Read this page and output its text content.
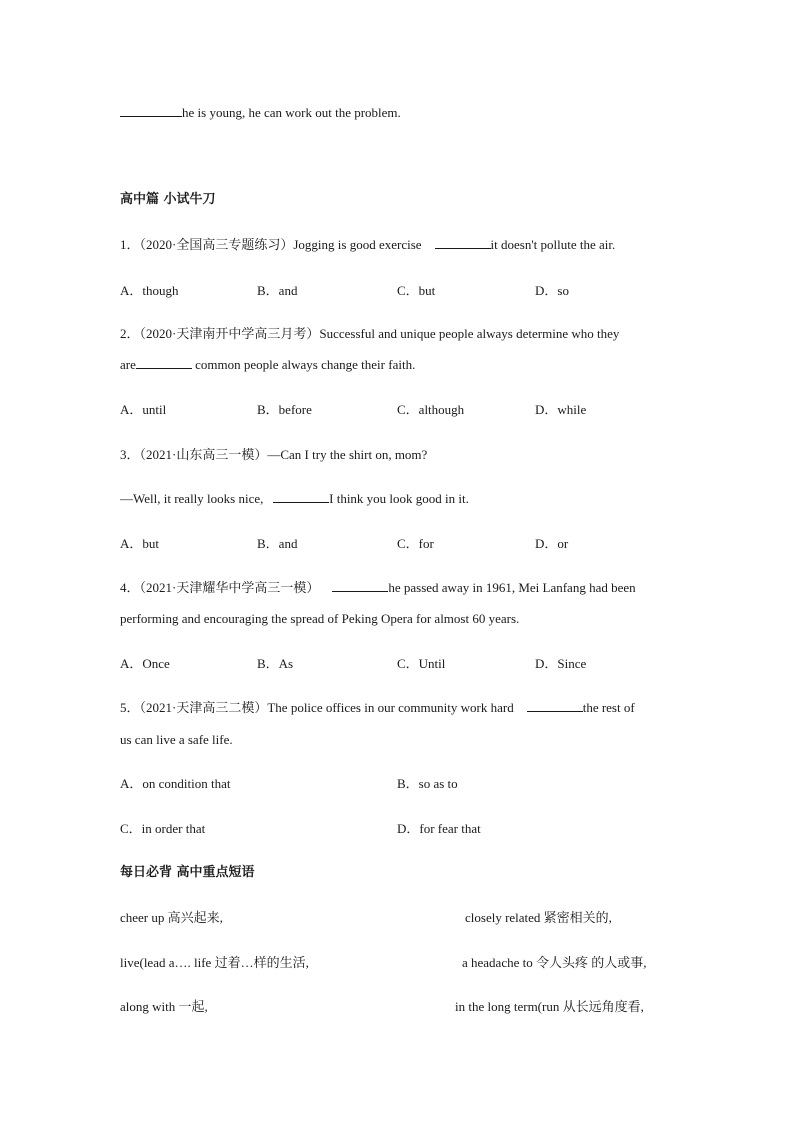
he is young, he can work out the problem.
高中篇 小试牛刀
1．（2020·全国高三专题练习）Jogging is good exercise	it doesn't pollute the air.
A．though	B．and	C．but	D．so
2．（2020·天津南开中学高三月考）Successful and unique people always determine who they
are	common people always change their faith.
A．until	B．before	C．although	D．while
3．（2021·山东高三一模）—Can I try the shirt on, mom?
—Well, it really looks nice,	I think you look good in it.
A．but	B．and	C．for	D．or
4．（2021·天津耀华中学高三一模）	he passed away in 1961, Mei Lanfang had been
performing and encouraging the spread of Peking Opera for almost 60 years.
A．Once	B．As	C．Until	D．Since
5．（2021·天津高三二模）The police offices in our community work hard	the rest of
us can live a safe life.
A．on condition that	B．so as to
C．in order that	D．for fear that
每日必背 高中重点短语
cheer up 高兴起来,	closely related 紧密相关的,
live(lead a…. life 过着…样的生活,	a headache to 令人头疼 的人或事,
along with 一起,	in the long term(run 从长远角度看,
